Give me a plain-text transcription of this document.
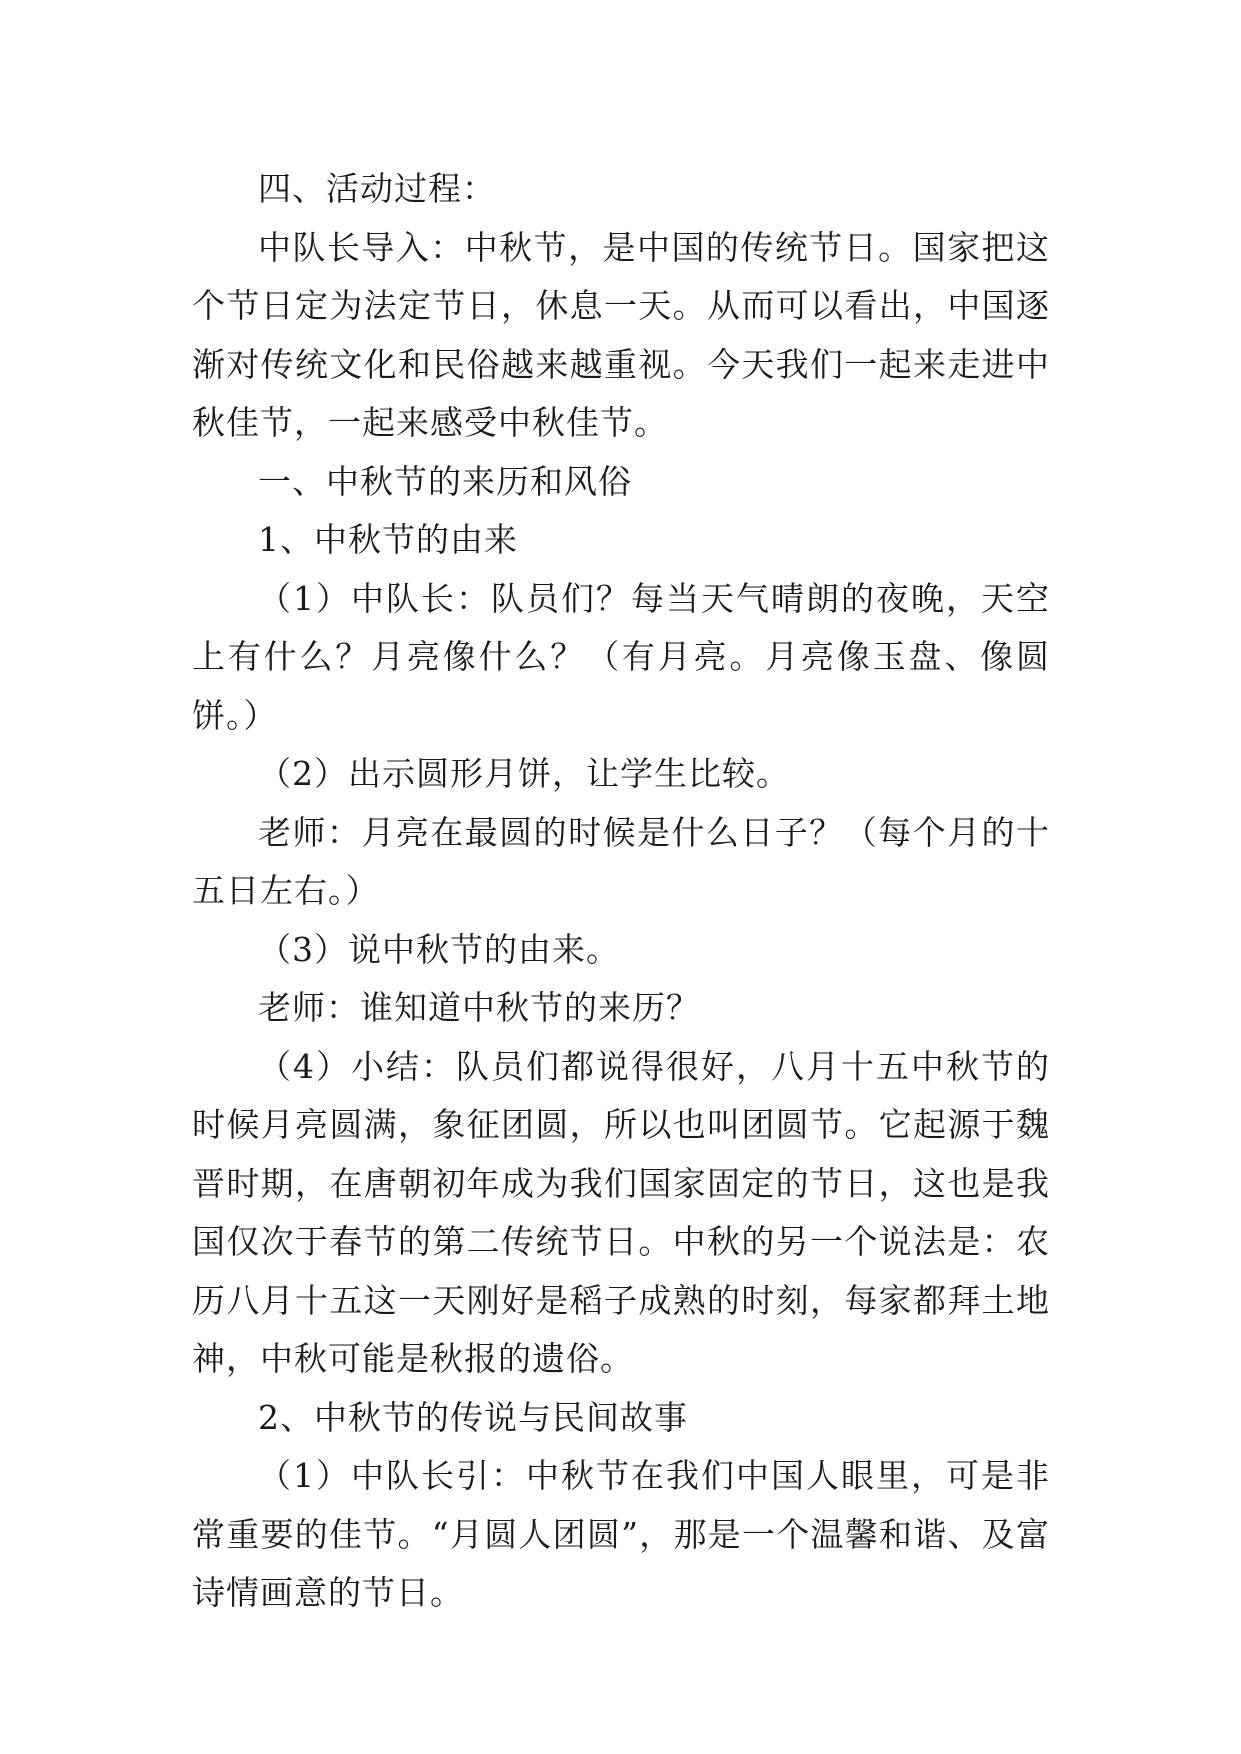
四、活动过程：

中队长导入：中秋节，是中国的传统节日。国家把这个节日定为法定节日，休息一天。从而可以看出，中国逐渐对传统文化和民俗越来越重视。今天我们一起来走进中秋佳节，一起来感受中秋佳节。

一、中秋节的来历和风俗

1、中秋节的由来

（1）中队长：队员们？每当天气晴朗的夜晚，天空上有什么？月亮像什么？（有月亮。月亮像玉盘、像圆饼。）

（2）出示圆形月饼，让学生比较。

老师：月亮在最圆的时候是什么日子？（每个月的十五日左右。）

（3）说中秋节的由来。

老师：谁知道中秋节的来历？

（4）小结：队员们都说得很好，八月十五中秋节的时候月亮圆满，象征团圆，所以也叫团圆节。它起源于魏晋时期，在唐朝初年成为我们国家固定的节日，这也是我国仅次于春节的第二传统节日。中秋的另一个说法是：农历八月十五这一天刚好是稻子成熟的时刻，每家都拜土地神，中秋可能是秋报的遗俗。

2、中秋节的传说与民间故事

（1）中队长引：中秋节在我们中国人眼里，可是非常重要的佳节。“月圆人团圆”，那是一个温馨和谐、及富诗情画意的节日。
